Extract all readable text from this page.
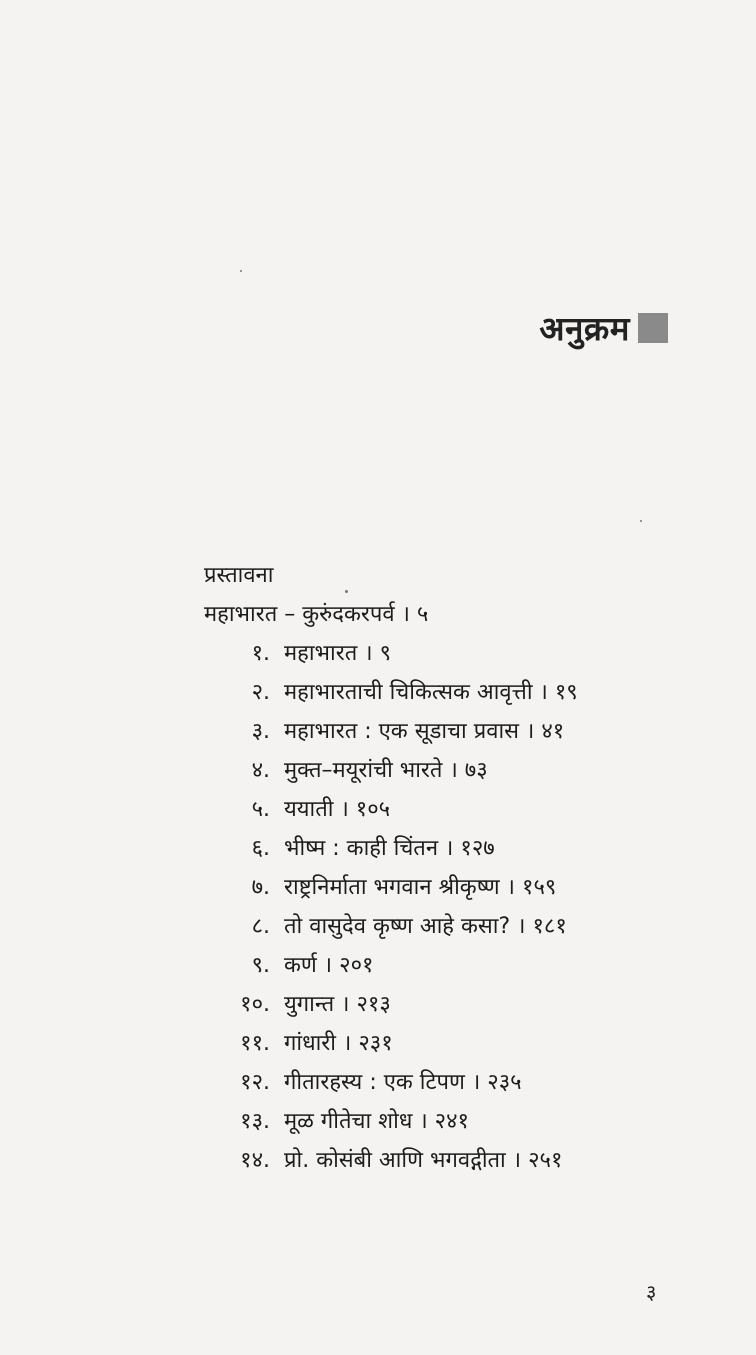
अनुक्रम
प्रस्तावना
महाभारत – कुरुंदकरपर्व । ५
१. महाभारत । ९
२. महाभारताची चिकित्सक आवृत्ती । १९
३. महाभारत : एक सूडाचा प्रवास । ४१
४. मुक्त–मयूरांची भारते । ७३
५. ययाती । १०५
६. भीष्म : काही चिंतन । १२७
७. राष्ट्रनिर्माता भगवान श्रीकृष्ण । १५९
८. तो वासुदेव कृष्ण आहे कसा? । १८१
९. कर्ण । २०१
१०. युगान्त । २१३
११. गांधारी । २३१
१२. गीतारहस्य : एक टिपण । २३५
१३. मूळ गीतेचा शोध । २४१
१४. प्रो. कोसंबी आणि भगवद्गीता । २५१
३
